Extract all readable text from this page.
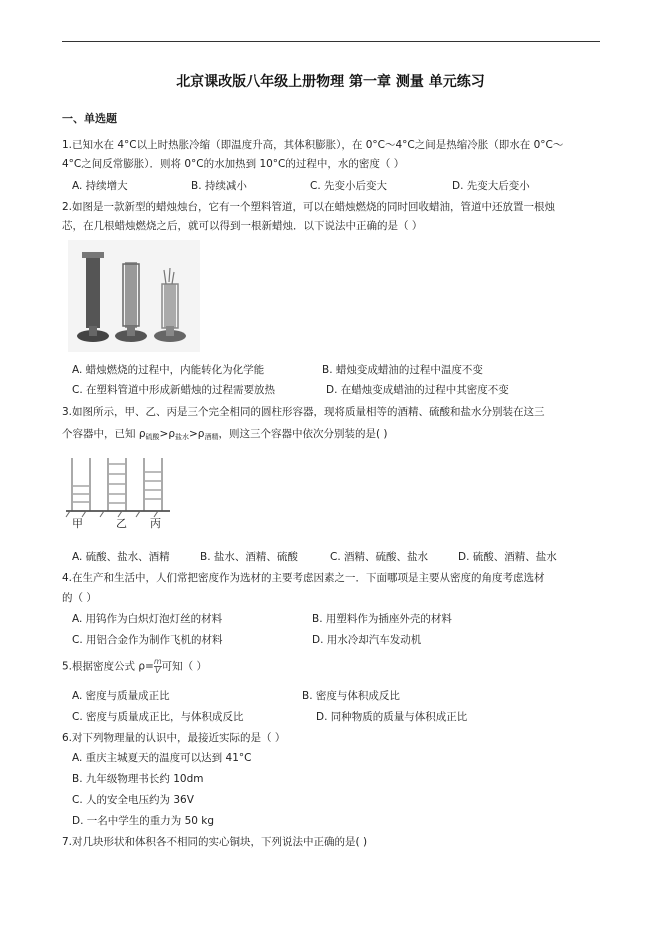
北京课改版八年级上册物理 第一章 测量 单元练习
一、单选题
1.已知水在 4°C以上时热胀冷缩（即温度升高，其体积膨胀），在 0°C～4°C之间是热缩冷胀（即水在 0°C～
4°C之间反常膨胀）．则将 0°C的水加热到 10°C的过程中，水的密度（ ）
A. 持续增大	B. 持续减小	C. 先变小后变大	D. 先变大后变小
2.如图是一款新型的蜡烛烛台，它有一个塑料管道，可以在蜡烛燃烧的同时回收蜡油，管道中还放置一根烛
芯，在几根蜡烛燃烧之后，就可以得到一根新蜡烛．以下说法中正确的是（ ）
A. 蜡烛燃烧的过程中，内能转化为化学能	B. 蜡烛变成蜡油的过程中温度不变
C. 在塑料管道中形成新蜡烛的过程需要放热	D. 在蜡烛变成蜡油的过程中其密度不变
3.如图所示，甲、乙、丙是三个完全相同的圆柱形容器，现将质量相等的酒精、硫酸和盐水分别装在这三
个容器中，已知 $\rho_{硫酸}>\rho_{盐水}>\rho_{酒精}$，则这三个容器中依次分别装的是( )
甲	乙 丙
A. 硫酸、盐水、酒精	B. 盐水、酒精、硫酸	C. 酒精、硫酸、盐水	D. 硫酸、酒精、盐水
4.在生产和生活中，人们常把密度作为选材的主要考虑因素之一．下面哪项是主要从密度的角度考虑选材
的（ ）
A. 用钨作为白炽灯泡灯丝的材料	B. 用塑料作为插座外壳的材料
C. 用铝合金作为制作飞机的材料	D. 用水冷却汽车发动机
5.根据密度公式 $\rho= \frac{m}{V}$ 可知（ ）
A. 密度与质量成正比	B. 密度与体积成反比
C. 密度与质量成正比，与体积成反比	D. 同种物质的质量与体积成正比
6.对下列物理量的认识中，最接近实际的是（ ）
A. 重庆主城夏天的温度可以达到 41°C
B. 九年级物理书长约 10dm
C. 人的安全电压约为 36V
D. 一名中学生的重力为 50 kg
7.对几块形状和体积各不相同的实心铜块，下列说法中正确的是( )
